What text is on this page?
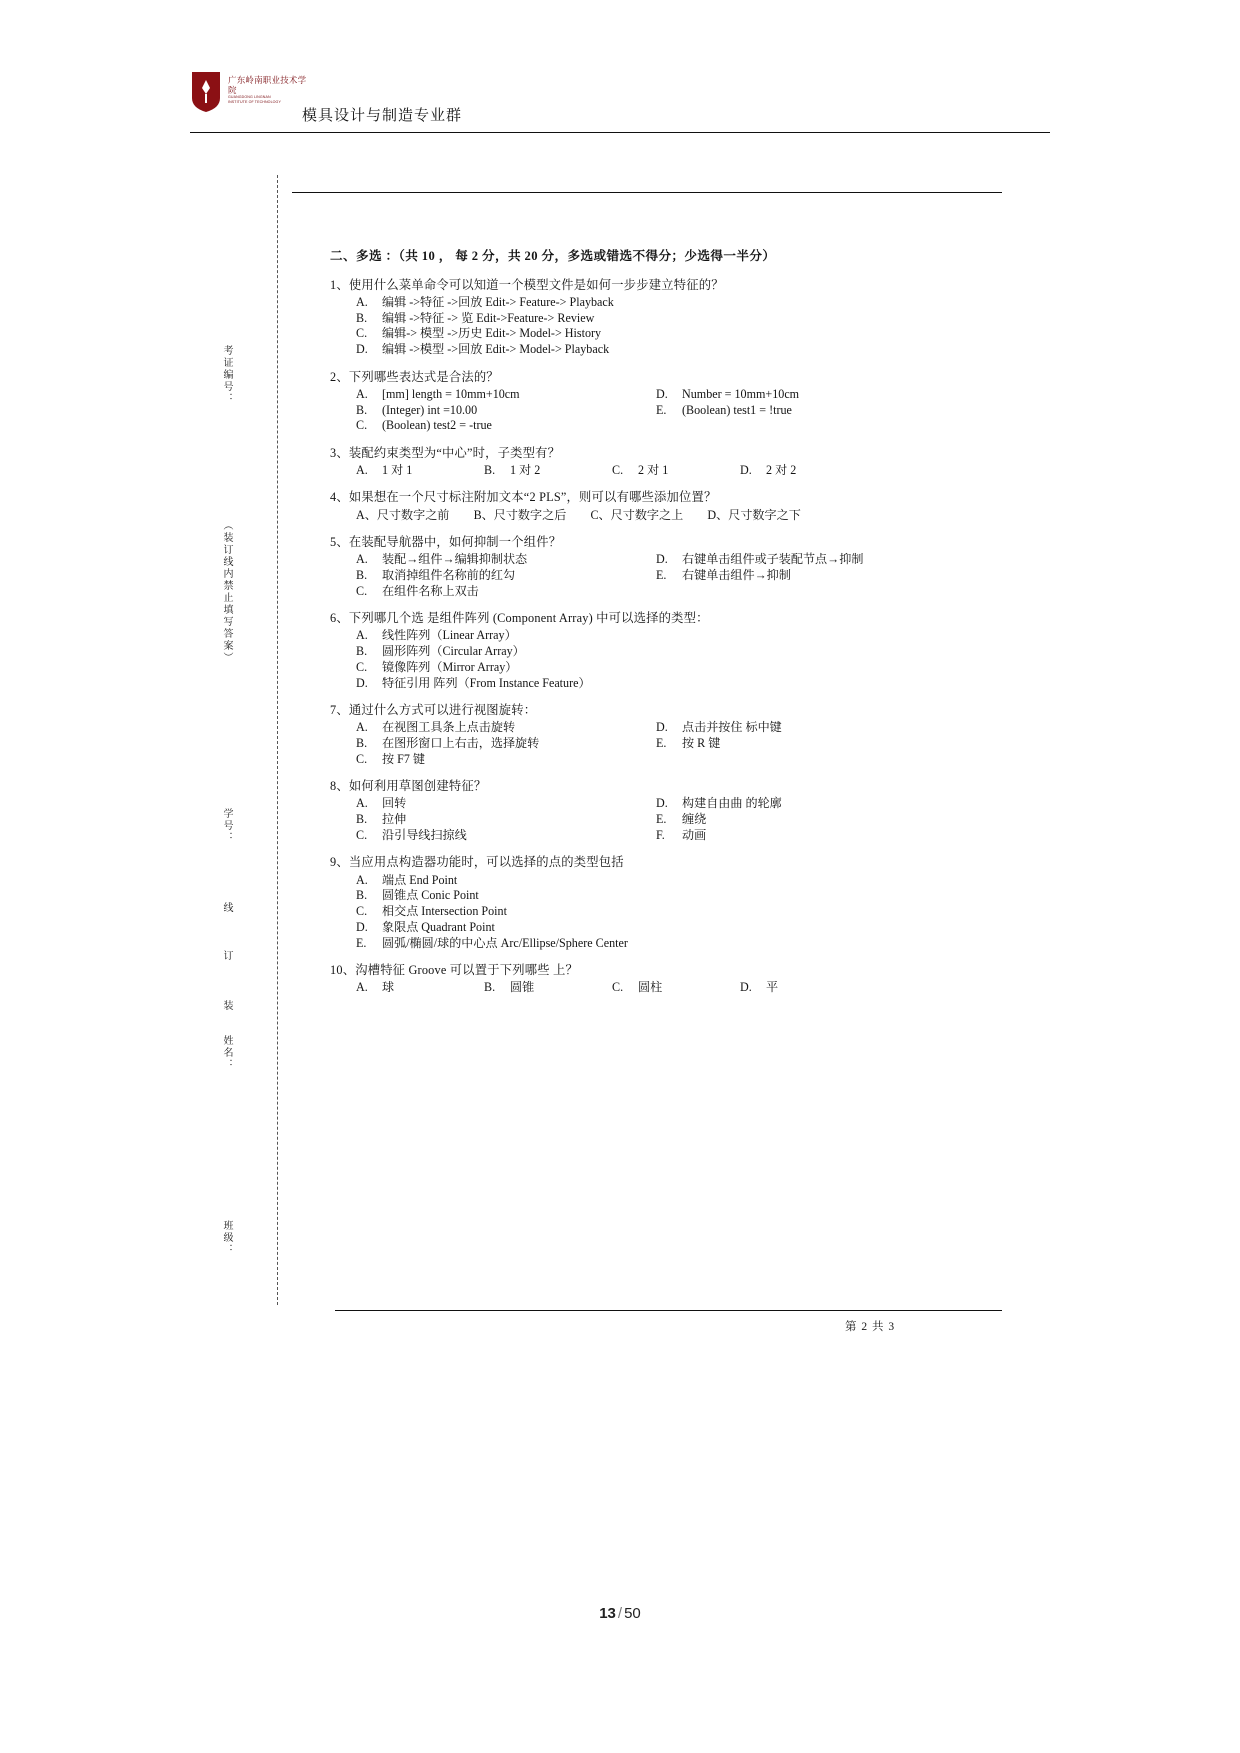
广东岭南职业技术学院
GUANGDONG LINGNAN
INSTITUTE OF TECHNOLOGY
模具设计与制造专业群
考证编号：
（装订线内禁止填写答案）
学号：
线
订
装
姓名：
班级：
二、多选 ：（共 10 ， 每 2 分，共 20 分，多选或错选不得分；少选得一半分）

1、使用什么菜单命令可以知道一个模型文件是如何一步步建立特征的？

A. 编辑 ->特征 ->回放 Edit-> Feature-> Playback
B. 编辑 ->特征 -> 览 Edit->Feature-> Review
C. 编辑-> 模型 ->历史 Edit-> Model-> History
D. 编辑 ->模型 ->回放 Edit-> Model-> Playback

2、下列哪些表达式是合法的？

A. [mm] length = 10mm+10cm	D. Number = 10mm+10cm
B. (Integer) int =10.00	E. (Boolean) test1 = !true
C. (Boolean) test2 = -true

3、装配约束类型为“中心”时，子类型有？

A. 1 对 1	B. 1 对 2	C. 2 对 1	D. 2 对 2

4、如果想在一个尺寸标注附加文本“2 PLS”，则可以有哪些添加位置？

A、尺寸数字之前　　B、尺寸数字之后　　C、尺寸数字之上　　D、尺寸数字之下

5、在装配导航器中，如何抑制一个组件？

A. 装配→组件→编辑抑制状态	D. 右键单击组件或子装配节点→抑制
B. 取消掉组件名称前的红勾	E. 右键单击组件→抑制
C. 在组件名称上双击

6、下列哪几个选 是组件阵列 (Component Array) 中可以选择的类型：

A. 线性阵列（Linear Array）
B. 圆形阵列（Circular Array）
C. 镜像阵列（Mirror Array）
D. 特征引用 阵列（From Instance Feature）

7、通过什么方式可以进行视图旋转：

A. 在视图工具条上点击旋转	D. 点击并按住 标中键
B. 在图形窗口上右击，选择旋转	E. 按 R 键
C. 按 F7 键

8、如何利用草图创建特征？

A. 回转	D. 构建自由曲 的轮廓
B. 拉伸	E. 缠绕
C. 沿引导线扫掠线	F. 动画

9、当应用点构造器功能时，可以选择的点的类型包括

A. 端点 End Point
B. 圆锥点 Conic Point
C. 相交点 Intersection Point
D. 象限点 Quadrant Point
E. 圆弧/椭圆/球的中心点 Arc/Ellipse/Sphere Center

10、沟槽特征 Groove 可以置于下列哪些 上？

A. 球	B. 圆锥	C. 圆柱	D. 平
第 2 共 3
13 / 50
